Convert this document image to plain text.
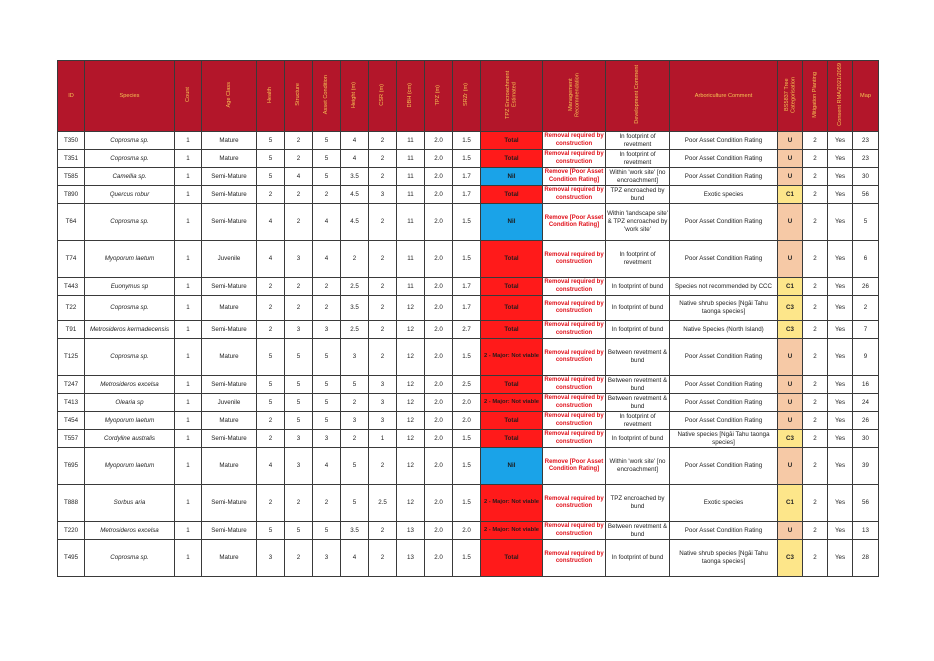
ID	Species	Count	Age Class	Health	Structure	Asset Condition	Height (m)	CSR (m)	DBH (cm)	TPZ (m)	SRZr (m)	TPZ Encroachment Estimated	Management Recommendation	Development Comment	Arboriculture Comment	BS5837 Tree Categorisation	Mitigation Planting	Consent RMA/2021/2059	Map
T350	Coprosma sp.	1	Mature	5	2	5	4	2	11	2.0	1.5	Total	Removal required by construction	In footprint of revetment	Poor Asset Condition Rating	U	2	Yes	23
T351	Coprosma sp.	1	Mature	5	2	5	4	2	11	2.0	1.5	Total	Removal required by construction	In footprint of revetment	Poor Asset Condition Rating	U	2	Yes	23
T585	Camellia sp.	1	Semi-Mature	5	4	5	3.5	2	11	2.0	1.7	Nil	Remove [Poor Asset Condition Rating]	Within 'work site' [no encroachment]	Poor Asset Condition Rating	U	2	Yes	30
T890	Quercus robur	1	Semi-Mature	2	2	2	4.5	3	11	2.0	1.7	Total	Removal required by construction	TPZ encroached by bund	Exotic species	C1	2	Yes	56
T64	Coprosma sp.	1	Semi-Mature	4	2	4	4.5	2	11	2.0	1.5	Nil	Remove [Poor Asset Condition Rating]	Within 'landscape site' & TPZ encroached by 'work site'	Poor Asset Condition Rating	U	2	Yes	5
T74	Myoporum laetum	1	Juvenile	4	3	4	2	2	11	2.0	1.5	Total	Removal required by construction	In footprint of revetment	Poor Asset Condition Rating	U	2	Yes	6
T443	Euonymus sp	1	Semi-Mature	2	2	2	2.5	2	11	2.0	1.7	Total	Removal required by construction	In footprint of bund	Species not recommended by CCC	C1	2	Yes	26
T22	Coprosma sp.	1	Mature	2	2	2	3.5	2	12	2.0	1.7	Total	Removal required by construction	In footprint of bund	Native shrub species [Ngāi Tahu taonga species]	C3	2	Yes	2
T91	Metrosideros kermadecensis	1	Semi-Mature	2	3	3	2.5	2	12	2.0	2.7	Total	Removal required by construction	In footprint of bund	Native Species (North Island)	C3	2	Yes	7
T125	Coprosma sp.	1	Mature	5	5	5	3	2	12	2.0	1.5	2 - Major: Not viable	Removal required by construction	Between revetment & bund	Poor Asset Condition Rating	U	2	Yes	9
T247	Metrosideros excelsa	1	Semi-Mature	5	5	5	5	3	12	2.0	2.5	Total	Removal required by construction	Between revetment & bund	Poor Asset Condition Rating	U	2	Yes	16
T413	Olearia sp	1	Juvenile	5	5	5	2	3	12	2.0	2.0	2 - Major: Not viable	Removal required by construction	Between revetment & bund	Poor Asset Condition Rating	U	2	Yes	24
T454	Myoporum laetum	1	Mature	2	5	5	3	3	12	2.0	2.0	Total	Removal required by construction	In footprint of revetment	Poor Asset Condition Rating	U	2	Yes	26
T557	Cordyline australis	1	Semi-Mature	2	3	3	2	1	12	2.0	1.5	Total	Removal required by construction	In footprint of bund	Native species [Ngāi Tahu taonga species]	C3	2	Yes	30
T695	Myoporum laetum	1	Mature	4	3	4	5	2	12	2.0	1.5	Nil	Remove [Poor Asset Condition Rating]	Within 'work site' [no encroachment]	Poor Asset Condition Rating	U	2	Yes	39
T888	Sorbus aria	1	Semi-Mature	2	2	2	5	2.5	12	2.0	1.5	2 - Major: Not viable	Removal required by construction	TPZ encroached by bund	Exotic species	C1	2	Yes	56
T220	Metrosideros excelsa	1	Semi-Mature	5	5	5	3.5	2	13	2.0	2.0	2 - Major: Not viable	Removal required by construction	Between revetment & bund	Poor Asset Condition Rating	U	2	Yes	13
T495	Coprosma sp.	1	Mature	3	2	3	4	2	13	2.0	1.5	Total	Removal required by construction	In footprint of bund	Native shrub species [Ngāi Tahu taonga species]	C3	2	Yes	28
